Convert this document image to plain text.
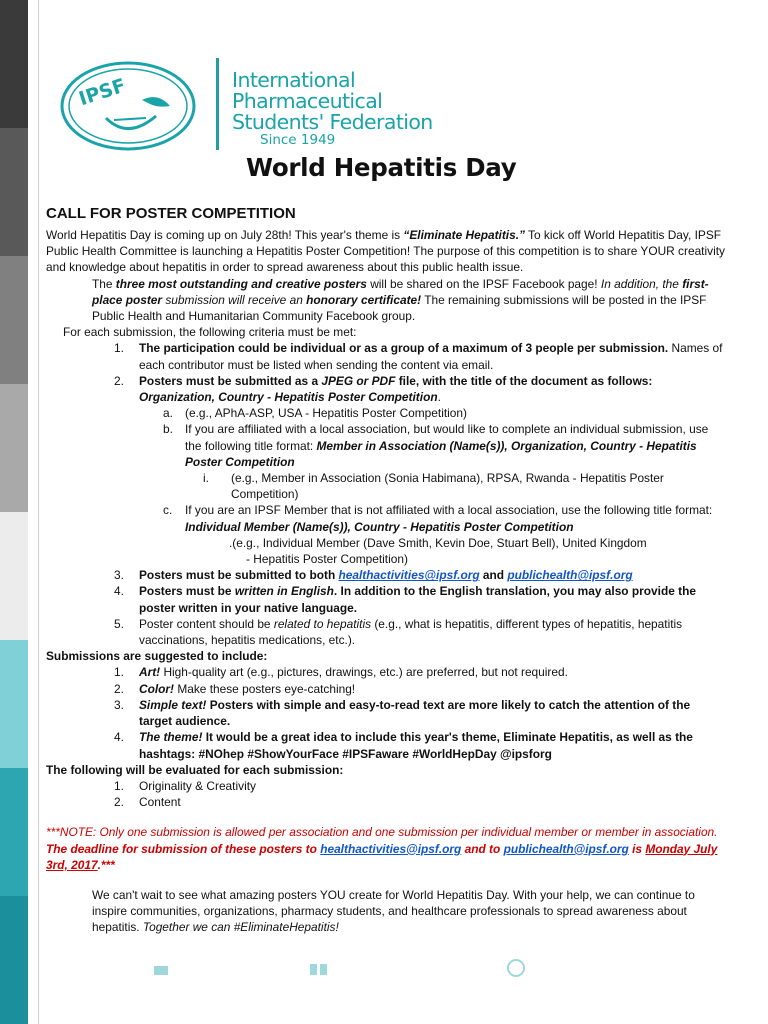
IPSF	International
Pharmaceutical
Students' Federation
Since 1949
World Hepatitis Day
CALL FOR POSTER COMPETITION

World Hepatitis Day is coming up on July 28th! This year's theme is “Eliminate Hepatitis.” To kick off World Hepatitis Day, IPSF Public Health Committee is launching a Hepatitis Poster Competition! The purpose of this competition is to share YOUR creativity and knowledge about hepatitis in order to spread awareness about this public health issue.

The three most outstanding and creative posters will be shared on the IPSF Facebook page! In addition, the first-place poster submission will receive an honorary certificate! The remaining submissions will be posted in the IPSF Public Health and Humanitarian Community Facebook group.

For each submission, the following criteria must be met:

1. The participation could be individual or as a group of a maximum of 3 people per submission. Names of each contributor must be listed when sending the content via email.
2. Posters must be submitted as a JPEG or PDF file, with the title of the document as follows: Organization, Country - Hepatitis Poster Competition.
a. (e.g., APhA-ASP, USA - Hepatitis Poster Competition)
b. If you are affiliated with a local association, but would like to complete an individual submission, use the following title format: Member in Association (Name(s)), Organization, Country - Hepatitis Poster Competition
i. (e.g., Member in Association (Sonia Habimana), RPSA, Rwanda - Hepatitis Poster Competition)
c. If you are an IPSF Member that is not affiliated with a local association, use the following title format: Individual Member (Name(s)), Country - Hepatitis Poster Competition
.(e.g., Individual Member (Dave Smith, Kevin Doe, Stuart Bell), United Kingdom
- Hepatitis Poster Competition)
3. Posters must be submitted to both healthactivities@ipsf.org and publichealth@ipsf.org
4. Posters must be written in English. In addition to the English translation, you may also provide the poster written in your native language.
5. Poster content should be related to hepatitis (e.g., what is hepatitis, different types of hepatitis, hepatitis vaccinations, hepatitis medications, etc.).

Submissions are suggested to include:

1. Art! High-quality art (e.g., pictures, drawings, etc.) are preferred, but not required.
2. Color! Make these posters eye-catching!
3. Simple text! Posters with simple and easy-to-read text are more likely to catch the attention of the target audience.
4. The theme! It would be a great idea to include this year's theme, Eliminate Hepatitis, as well as the hashtags: #NOhep #ShowYourFace #IPSFaware #WorldHepDay @ipsforg

The following will be evaluated for each submission:

1. Originality & Creativity
2. Content

***NOTE: Only one submission is allowed per association and one submission per individual member or member in association. The deadline for submission of these posters to healthactivities@ipsf.org and to publichealth@ipsf.org is Monday July 3rd, 2017.***

We can't wait to see what amazing posters YOU create for World Hepatitis Day. With your help, we can continue to inspire communities, organizations, pharmacy students, and healthcare professionals to spread awareness about hepatitis. Together we can #EliminateHepatitis!
